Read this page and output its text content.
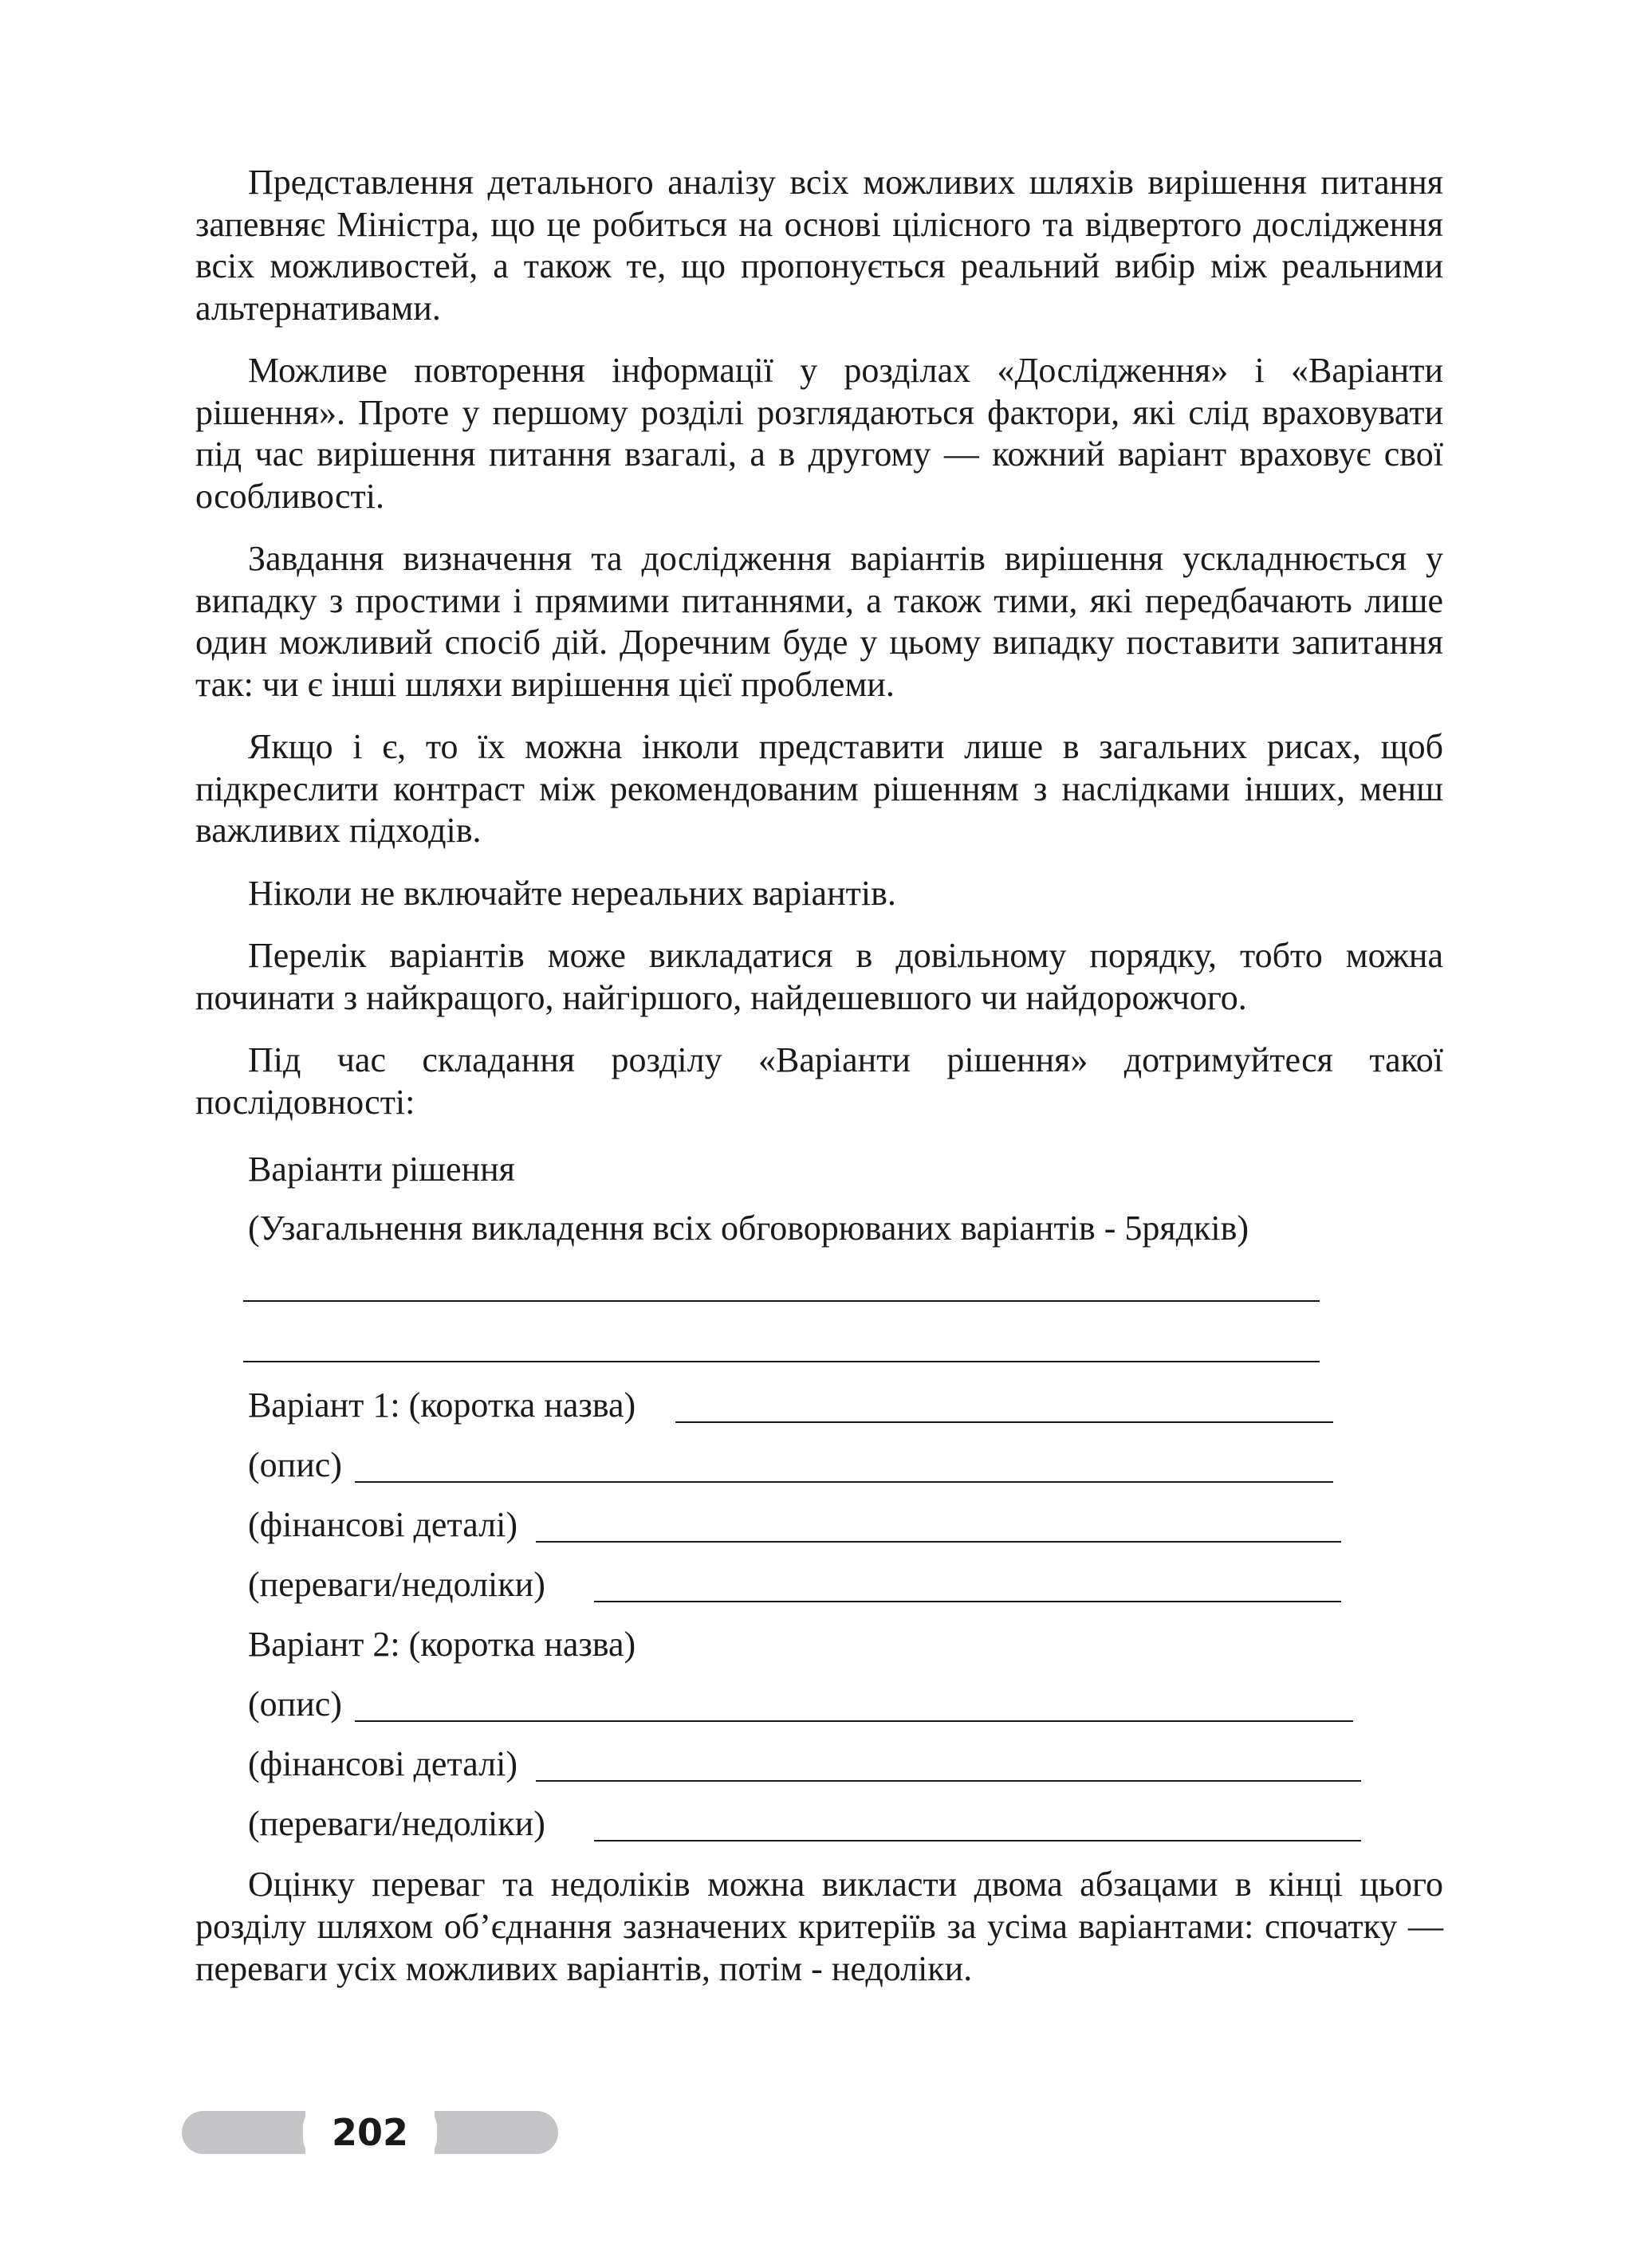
Представлення детального аналізу всіх можливих шляхів вирішення питання запевняє Міністра, що це робиться на основі цілісного та відвертого дослідження всіх можливостей, а також те, що пропонується реальний вибір між реальними альтернативами.

Можливе повторення інформації у розділах «Дослідження» і «Варіанти рішення». Проте у першому розділі розглядаються фактори, які слід враховувати під час вирішення питання взагалі, а в другому — кожний варіант враховує свої особливості.

Завдання визначення та дослідження варіантів вирішення ускладнюється у випадку з простими і прямими питаннями, а також тими, які передбачають лише один можливий спосіб дій. Доречним буде у цьому випадку поставити запитання так: чи є інші шляхи вирішення цієї проблеми.

Якщо і є, то їх можна інколи представити лише в загальних рисах, щоб підкреслити контраст між рекомендованим рішенням з наслідками інших, менш важливих підходів.

Ніколи не включайте нереальних варіантів.

Перелік варіантів може викладатися в довільному порядку, тобто можна починати з найкращого, найгіршого, найдешевшого чи найдорожчого.

Під час складання розділу «Варіанти рішення» дотримуйтеся такої послідовності:

Варіанти рішення
(Узагальнення викладення всіх обговорюваних варіантів - 5рядків)
Варіант 1: (коротка назва)
(опис)
(фінансові деталі)
(переваги/недоліки)
Варіант 2: (коротка назва)
(опис)
(фінансові деталі)
(переваги/недоліки)

Оцінку переваг та недоліків можна викласти двома абзацами в кінці цього розділу шляхом об’єднання зазначених критеріїв за усіма варіантами: спочатку — переваги усіх можливих варіантів, потім - недоліки.

202
